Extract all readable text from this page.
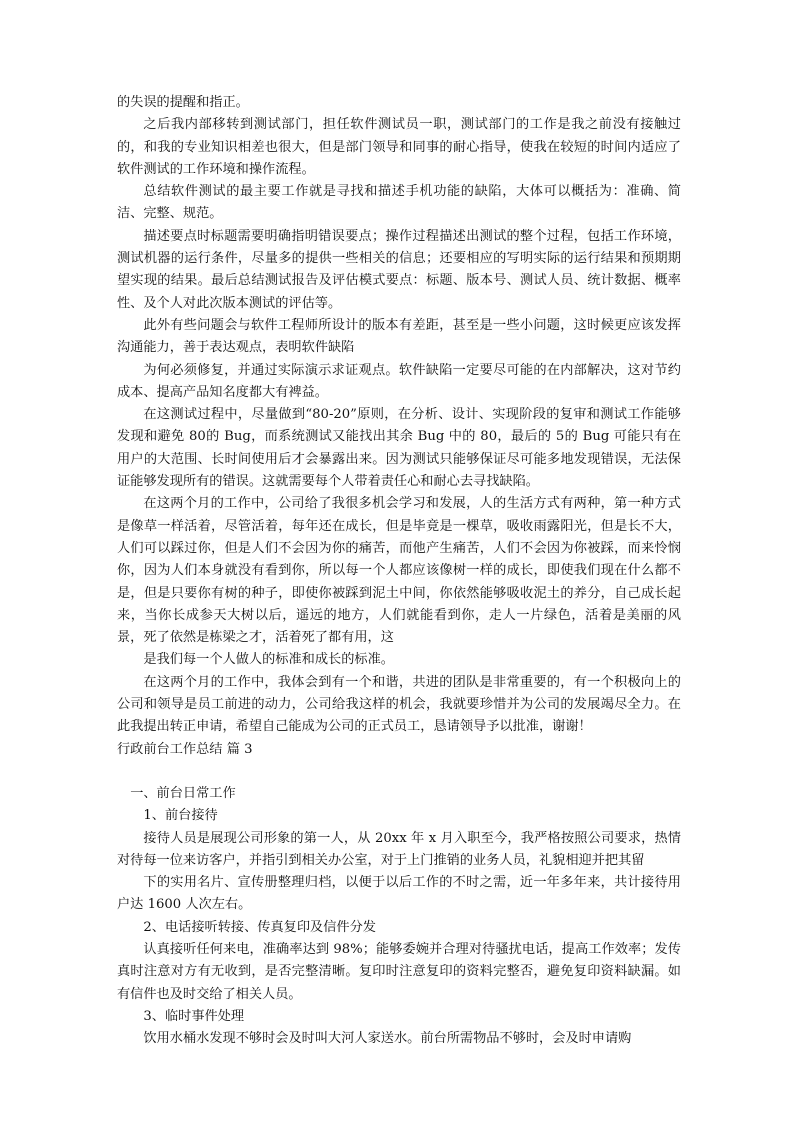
的失误的提醒和指正。

之后我内部移转到测试部门，担任软件测试员一职，测试部门的工作是我之前没有接触过的，和我的专业知识相差也很大，但是部门领导和同事的耐心指导，使我在较短的时间内适应了软件测试的工作环境和操作流程。

总结软件测试的最主要工作就是寻找和描述手机功能的缺陷，大体可以概括为：准确、简洁、完整、规范。

描述要点时标题需要明确指明错误要点；操作过程描述出测试的整个过程，包括工作环境，测试机器的运行条件，尽量多的提供一些相关的信息；还要相应的写明实际的运行结果和预期期望实现的结果。最后总结测试报告及评估模式要点：标题、版本号、测试人员、统计数据、概率性、及个人对此次版本测试的评估等。

此外有些问题会与软件工程师所设计的版本有差距，甚至是一些小问题，这时候更应该发挥沟通能力，善于表达观点，表明软件缺陷

为何必须修复，并通过实际演示求证观点。软件缺陷一定要尽可能的在内部解决，这对节约成本、提高产品知名度都大有裨益。

在这测试过程中，尽量做到“80-20”原则，在分析、设计、实现阶段的复审和测试工作能够发现和避免 80的 Bug，而系统测试又能找出其余 Bug 中的 80，最后的 5的 Bug 可能只有在用户的大范围、长时间使用后才会暴露出来。因为测试只能够保证尽可能多地发现错误，无法保证能够发现所有的错误。这就需要每个人带着责任心和耐心去寻找缺陷。

在这两个月的工作中，公司给了我很多机会学习和发展，人的生活方式有两种，第一种方式是像草一样活着，尽管活着，每年还在成长，但是毕竟是一棵草，吸收雨露阳光，但是长不大，人们可以踩过你，但是人们不会因为你的痛苦，而他产生痛苦，人们不会因为你被踩，而来怜悯你，因为人们本身就没有看到你，所以每一个人都应该像树一样的成长，即使我们现在什么都不是，但是只要你有树的种子，即使你被踩到泥土中间，你依然能够吸收泥土的养分，自己成长起来，当你长成参天大树以后，遥远的地方，人们就能看到你，走人一片绿色，活着是美丽的风景，死了依然是栋梁之才，活着死了都有用，这

是我们每一个人做人的标准和成长的标准。

在这两个月的工作中，我体会到有一个和谐，共进的团队是非常重要的，有一个积极向上的公司和领导是员工前进的动力，公司给我这样的机会，我就要珍惜并为公司的发展竭尽全力。在此我提出转正申请，希望自己能成为公司的正式员工，恳请领导予以批准，谢谢！

行政前台工作总结 篇 3

一、前台日常工作

1、前台接待

接待人员是展现公司形象的第一人，从 20xx 年 x 月入职至今，我严格按照公司要求，热情对待每一位来访客户，并指引到相关办公室，对于上门推销的业务人员，礼貌相迎并把其留

下的实用名片、宣传册整理归档，以便于以后工作的不时之需，近一年多年来，共计接待用户达 1600 人次左右。

2、电话接听转接、传真复印及信件分发

认真接听任何来电，准确率达到 98%；能够委婉并合理对待骚扰电话，提高工作效率；发传真时注意对方有无收到，是否完整清晰。复印时注意复印的资料完整否，避免复印资料缺漏。如有信件也及时交给了相关人员。

3、临时事件处理

饮用水桶水发现不够时会及时叫大河人家送水。前台所需物品不够时，会及时申请购
